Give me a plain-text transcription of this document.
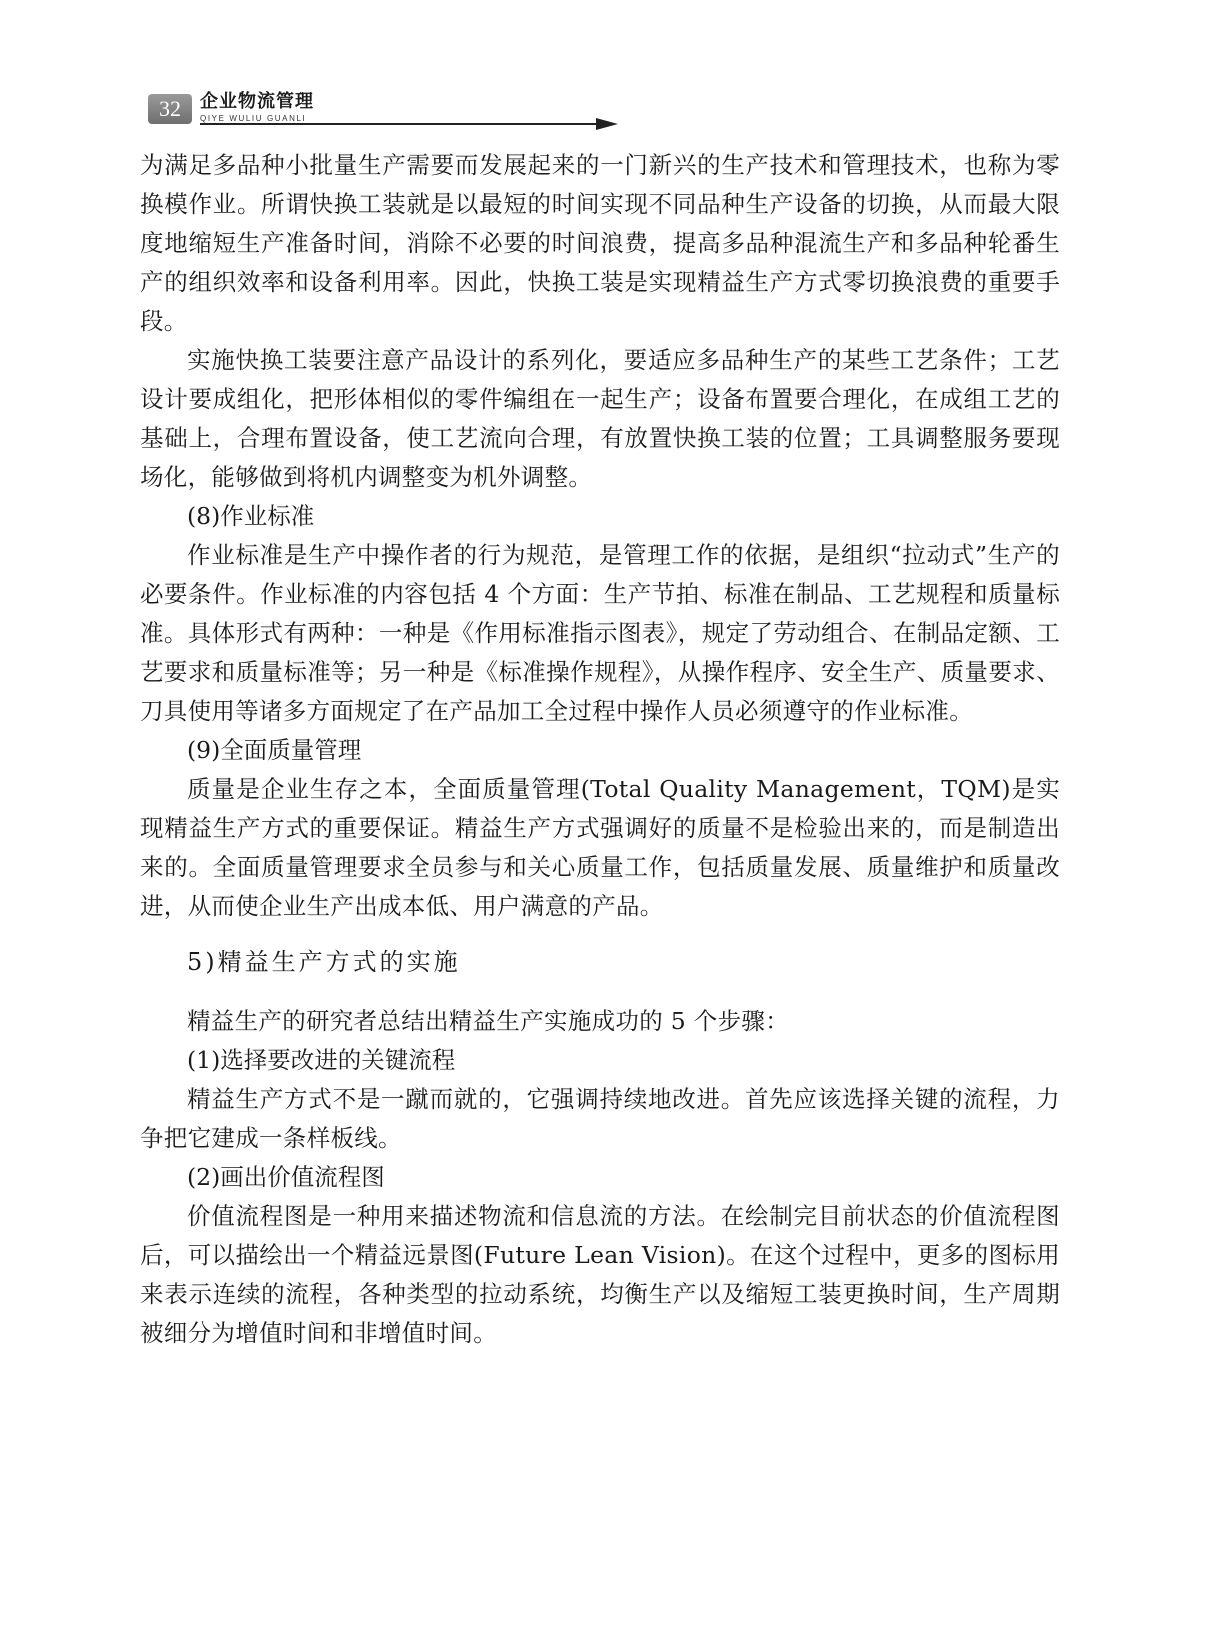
32	企业物流管理
QIYE WULIU GUANLI

为满足多品种小批量生产需要而发展起来的一门新兴的生产技术和管理技术，也称为零换模作业。所谓快换工装就是以最短的时间实现不同品种生产设备的切换，从而最大限度地缩短生产准备时间，消除不必要的时间浪费，提高多品种混流生产和多品种轮番生产的组织效率和设备利用率。因此，快换工装是实现精益生产方式零切换浪费的重要手段。

实施快换工装要注意产品设计的系列化，要适应多品种生产的某些工艺条件；工艺设计要成组化，把形体相似的零件编组在一起生产；设备布置要合理化，在成组工艺的基础上，合理布置设备，使工艺流向合理，有放置快换工装的位置；工具调整服务要现场化，能够做到将机内调整变为机外调整。

(8)作业标准

作业标准是生产中操作者的行为规范，是管理工作的依据，是组织“拉动式”生产的必要条件。作业标准的内容包括 4 个方面：生产节拍、标准在制品、工艺规程和质量标准。具体形式有两种：一种是《作用标准指示图表》，规定了劳动组合、在制品定额、工艺要求和质量标准等；另一种是《标准操作规程》，从操作程序、安全生产、质量要求、刀具使用等诸多方面规定了在产品加工全过程中操作人员必须遵守的作业标准。

(9)全面质量管理

质量是企业生存之本，全面质量管理(Total Quality Management，TQM)是实现精益生产方式的重要保证。精益生产方式强调好的质量不是检验出来的，而是制造出来的。全面质量管理要求全员参与和关心质量工作，包括质量发展、质量维护和质量改进，从而使企业生产出成本低、用户满意的产品。

5)精益生产方式的实施

精益生产的研究者总结出精益生产实施成功的 5 个步骤：

(1)选择要改进的关键流程

精益生产方式不是一蹴而就的，它强调持续地改进。首先应该选择关键的流程，力争把它建成一条样板线。

(2)画出价值流程图

价值流程图是一种用来描述物流和信息流的方法。在绘制完目前状态的价值流程图后，可以描绘出一个精益远景图(Future Lean Vision)。在这个过程中，更多的图标用来表示连续的流程，各种类型的拉动系统，均衡生产以及缩短工装更换时间，生产周期被细分为增值时间和非增值时间。
